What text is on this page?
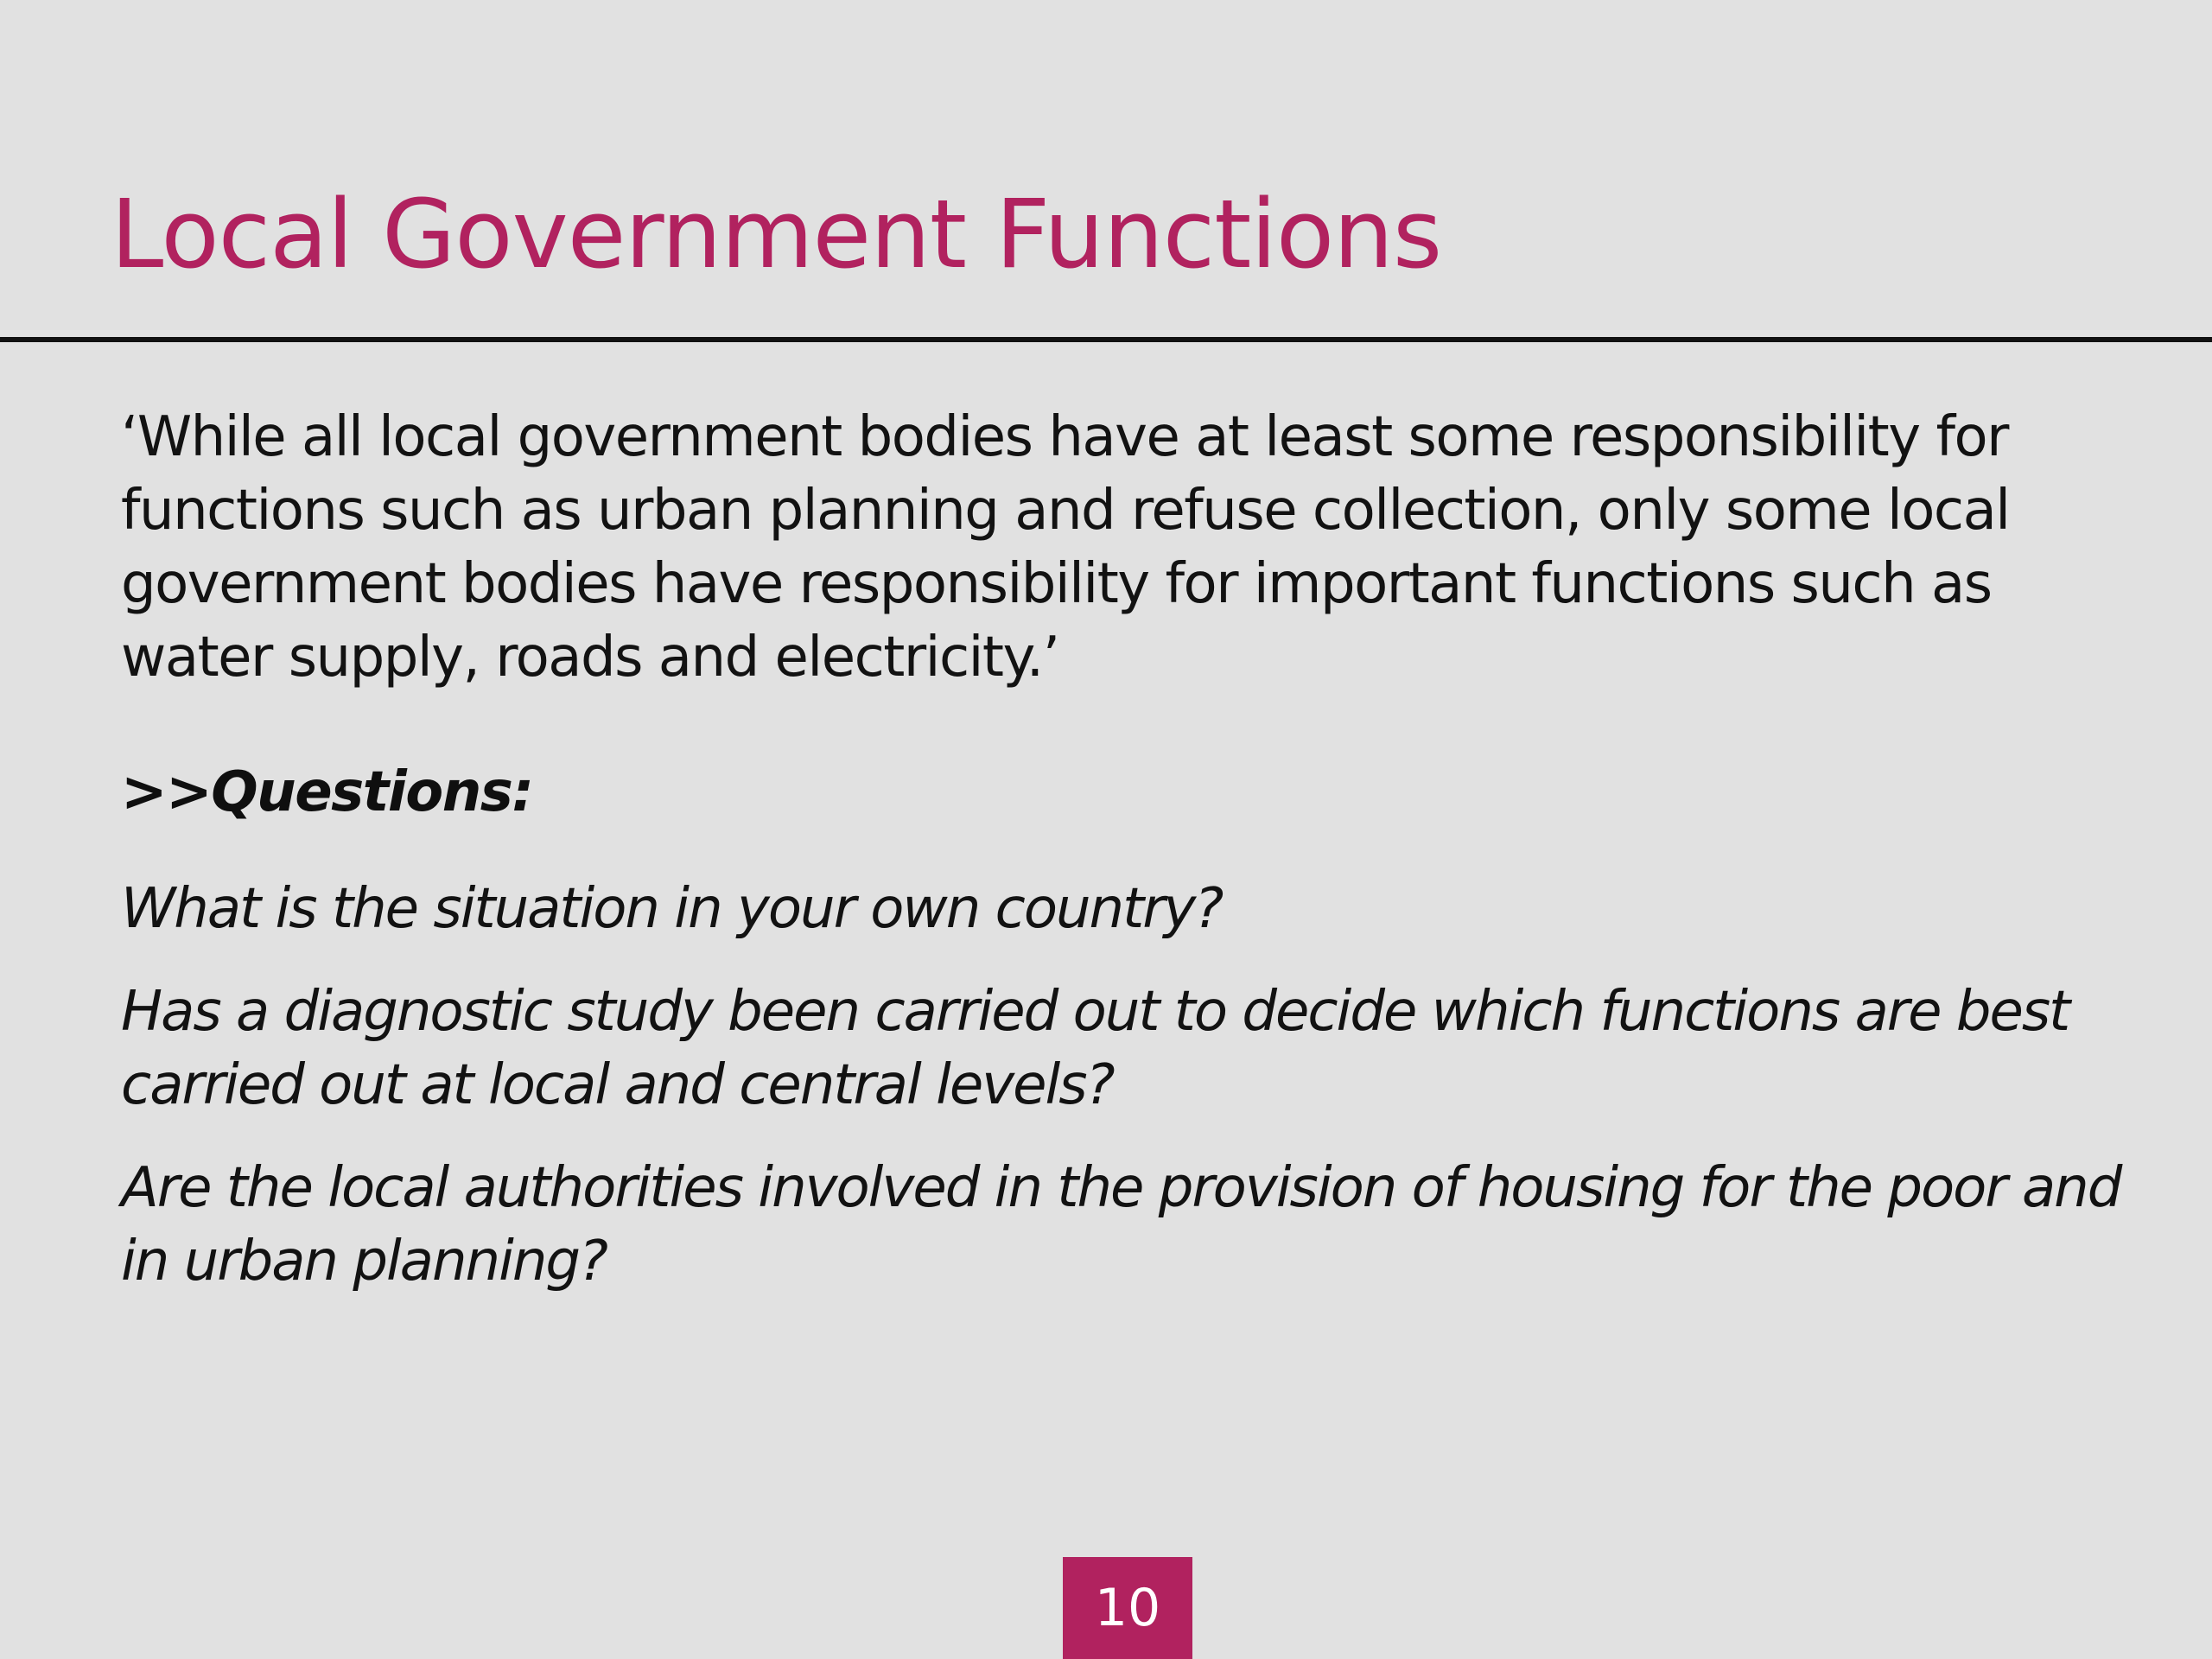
Local Government Functions

‘While all local government bodies have at least some responsibility for functions such as urban planning and refuse collection, only some local government bodies have responsibility for important functions such as water supply, roads and electricity.’

>>Questions:

What is the situation in your own country?

Has a diagnostic study been carried out to decide which functions are best carried out at local and central levels?

Are the local authorities involved in the provision of housing for the poor and in urban planning?

10
